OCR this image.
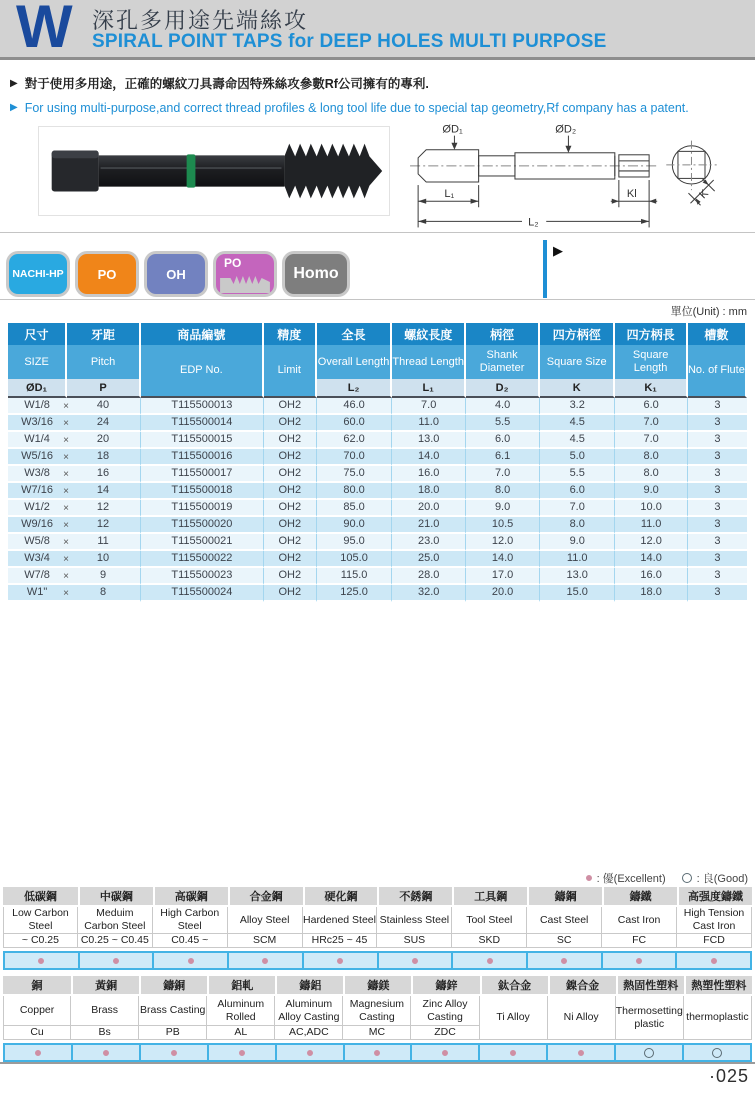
W 深孔多用途先端絲攻
SPIRAL POINT TAPS for DEEP HOLES MULTI PURPOSE
▶ 對于使用多用途，正確的螺紋刀具壽命因特殊絲攻參數Rf公司擁有的專利.
▶ For using multi-purpose,and correct thread profiles & long tool life due to special tap geometry,Rf company has a patent.
ØD₁	ØD₂
L₁	Kl
L₂
K
NACHI-HP	PO	OH
PO
Homo
▶
單位(Unit) : mm
尺寸	牙距	商品編號	精度	全長	螺紋長度	柄徑	四方柄徑	四方柄長	槽數
SIZE	Pitch	EDP No.	Limit	Overall Length	Thread Length	Shank Diameter	Square Size	Square Length	No. of Flute
ØD₁	P			L₂	L₁	D₂	K	K₁	

W1/8 × 40		T115500013	OH2	46.0	7.0	4.0	3.2	6.0	3

W3/16 × 24		T115500014	OH2	60.0	11.0	5.5	4.5	7.0	3

W1/4 × 20		T115500015	OH2	62.0	13.0	6.0	4.5	7.0	3

W5/16 × 18		T115500016	OH2	70.0	14.0	6.1	5.0	8.0	3

W3/8 × 16		T115500017	OH2	75.0	16.0	7.0	5.5	8.0	3

W7/16 × 14		T115500018	OH2	80.0	18.0	8.0	6.0	9.0	3

W1/2 × 12		T115500019	OH2	85.0	20.0	9.0	7.0	10.0	3

W9/16 × 12		T115500020	OH2	90.0	21.0	10.5	8.0	11.0	3

W5/8 × 11		T115500021	OH2	95.0	23.0	12.0	9.0	12.0	3

W3/4 × 10		T115500022	OH2	105.0	25.0	14.0	11.0	14.0	3

W7/8 × 9		T115500023	OH2	115.0	28.0	17.0	13.0	16.0	3

W1" × 8		T115500024	OH2	125.0	32.0	20.0	15.0	18.0	3
: 優(Excellent)	: 良(Good)
低碳鋼	中碳鋼	高碳鋼	合金鋼	硬化鋼	不銹鋼	工具鋼	鑄鋼	鑄鐵	高强度鑄鐵
Low Carbon Steel	Meduim Carbon Steel	High Carbon Steel	Alloy Steel	Hardened Steel	Stainless Steel	Tool Steel	Cast Steel	Cast Iron	High Tension Cast Iron
~ C0.25	C0.25 ~ C0.45	C0.45 ~	SCM	HRc25 ~ 45	SUS	SKD	SC	FC	FCD
銅	黃銅	鑄銅	鋁軋	鑄鋁	鑄鎂	鑄鋅	鈦合金	鎳合金	熱固性塑料	熱塑性塑料
Copper	Brass	Brass Casting	Aluminum Rolled	Aluminum Alloy Casting	Magnesium Casting	Zinc Alloy Casting	Ti Alloy	Ni Alloy	Thermosetting plastic	thermoplastic
Cu	Bs	PB	AL	AC,ADC	MC	ZDC				
·025
